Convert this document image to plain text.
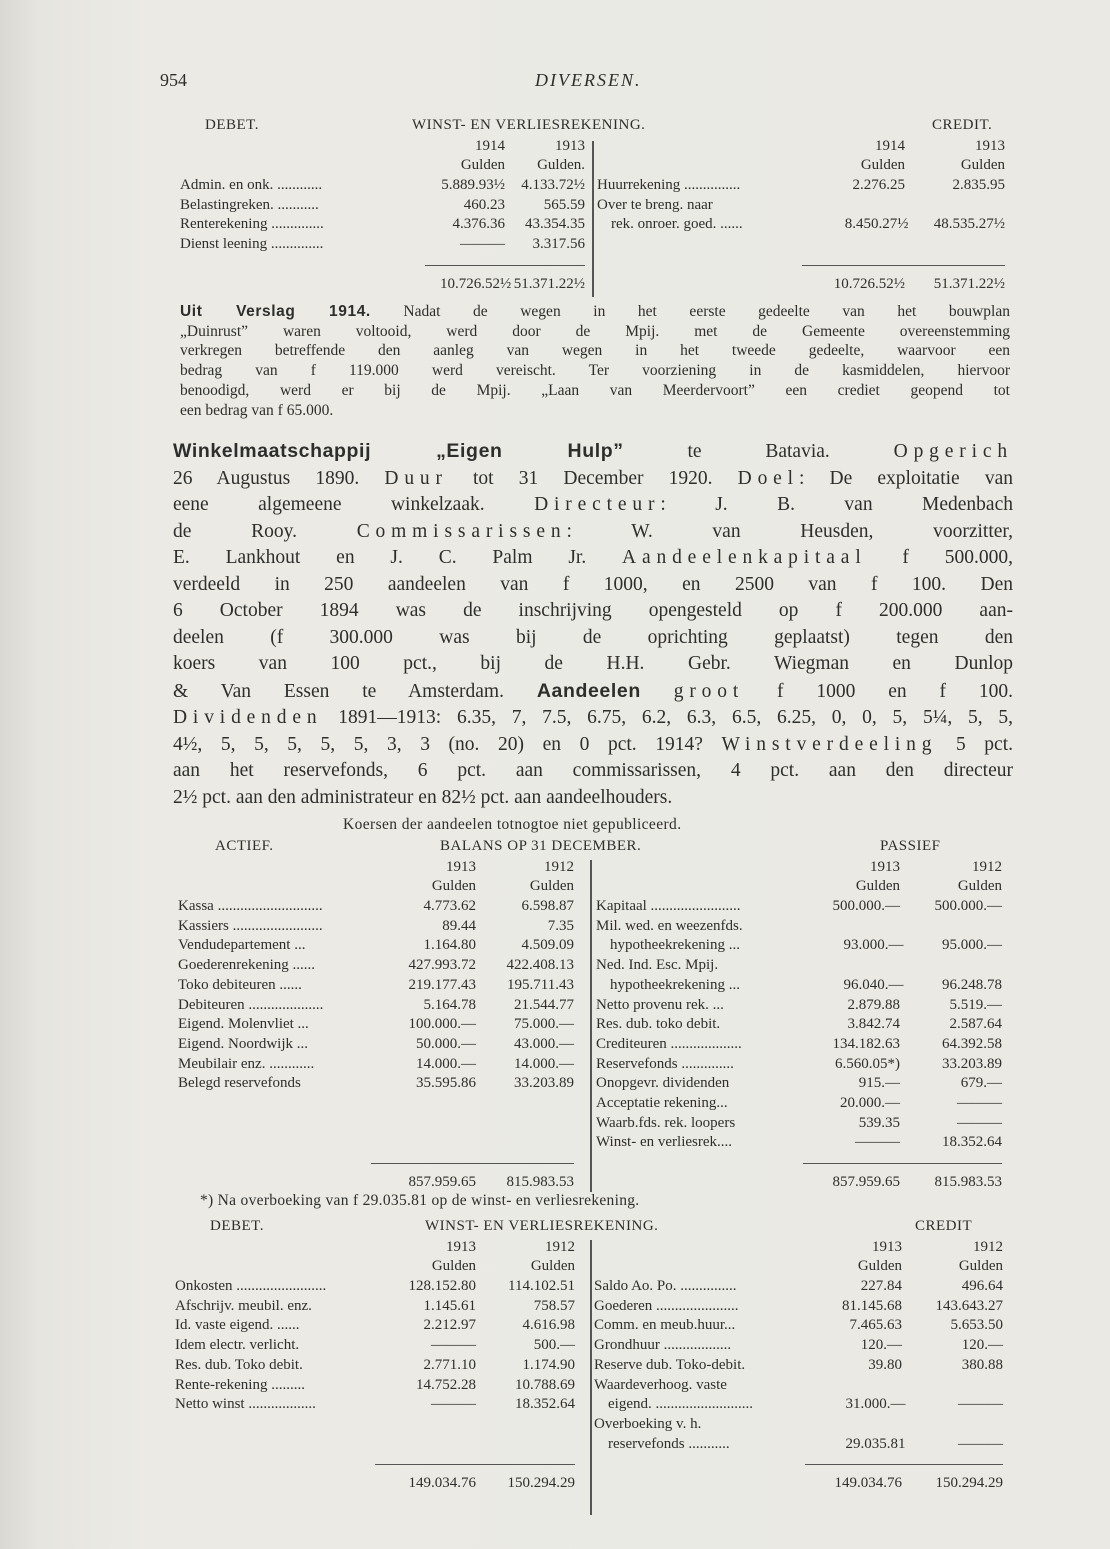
954	DIVERSEN.
DEBET.	WINST- EN VERLIESREKENING.	CREDIT.
1914	1913
Gulden	Gulden.
Admin. en onk. ............	5.889.93½	4.133.72½
Belastingreken. ...........	460.23	565.59
Renterekening ..............	4.376.36	43.354.35
Dienst leening ..............	———	3.317.56
10.726.52½ 51.371.22½
1914	1913
Gulden	Gulden
Huurrekening ...............	2.276.25	2.835.95
Over te breng. naar
rek. onroer. goed. ......	8.450.27½	48.535.27½
10.726.52½	51.371.22½
Uit Verslag 1914. Nadat de wegen in het eerste gedeelte van het bouwplan
„Duinrust” waren voltooid, werd door de Mpij. met de Gemeente overeenstemming
verkregen betreffende den aanleg van wegen in het tweede gedeelte, waarvoor een
bedrag van f 119.000 werd vereischt. Ter voorziening in de kasmiddelen, hiervoor
benoodigd, werd er bij de Mpij. „Laan van Meerdervoort” een crediet geopend tot
een bedrag van f 65.000.
Winkelmaatschappij „Eigen Hulp” te Batavia. Opgerich
26 Augustus 1890. Duur tot 31 December 1920. Doel: De exploitatie van
eene algemeene winkelzaak. Directeur: J. B. van Medenbach
de Rooy. Commissarissen: W. van Heusden, voorzitter,
E. Lankhout en J. C. Palm Jr. Aandeelenkapitaal f 500.000,
verdeeld in 250 aandeelen van f 1000, en 2500 van f 100. Den
6 October 1894 was de inschrijving opengesteld op f 200.000 aan-
deelen (f 300.000 was bij de oprichting geplaatst) tegen den
koers van 100 pct., bij de H.H. Gebr. Wiegman en Dunlop
& Van Essen te Amsterdam. Aandeelen groot f 1000 en f 100.
Dividenden 1891—1913: 6.35, 7, 7.5, 6.75, 6.2, 6.3, 6.5, 6.25, 0, 0, 5, 5¼, 5, 5,
4½, 5, 5, 5, 5, 5, 3, 3 (no. 20) en 0 pct. 1914? Winstverdeeling 5 pct.
aan het reservefonds, 6 pct. aan commissarissen, 4 pct. aan den directeur
2½ pct. aan den administrateur en 82½ pct. aan aandeelhouders.
Koersen der aandeelen totnogtoe niet gepubliceerd.
ACTIEF.	BALANS OP 31 DECEMBER.	PASSIEF
1913	1912
Gulden	Gulden
Kassa ............................	4.773.62	6.598.87
Kassiers ........................	89.44	7.35
Vendudepartement ...	1.164.80	4.509.09
Goederenrekening ......	427.993.72	422.408.13
Toko debiteuren ......	219.177.43	195.711.43
Debiteuren ....................	5.164.78	21.544.77
Eigend. Molenvliet ...	100.000.—	75.000.—
Eigend. Noordwijk ...	50.000.—	43.000.—
Meubilair enz. ............	14.000.—	14.000.—
Belegd reservefonds	35.595.86	33.203.89
857.959.65	815.983.53
1913	1912
Gulden	Gulden
Kapitaal ........................	500.000.—	500.000.—
Mil. wed. en weezenfds.
hypotheekrekening ...	93.000.—	95.000.—
Ned. Ind. Esc. Mpij.
hypotheekrekening ...	96.040.—	96.248.78
Netto provenu rek. ...	2.879.88	5.519.—
Res. dub. toko debit.	3.842.74	2.587.64
Crediteuren ...................	134.182.63	64.392.58
Reservefonds ..............	6.560.05*)	33.203.89
Onopgevr. dividenden	915.—	679.—
Acceptatie rekening...	20.000.—	———
Waarb.fds. rek. loopers	539.35	———
Winst- en verliesrek....	———	18.352.64
857.959.65	815.983.53
*) Na overboeking van f 29.035.81 op de winst- en verliesrekening.
DEBET.	WINST- EN VERLIESREKENING.	CREDIT
1913	1912
Gulden	Gulden
Onkosten ........................	128.152.80	114.102.51
Afschrijv. meubil. enz.	1.145.61	758.57
Id. vaste eigend. ......	2.212.97	4.616.98
Idem electr. verlicht.	———	500.—
Res. dub. Toko debit.	2.771.10	1.174.90
Rente-rekening .........	14.752.28	10.788.69
Netto winst ..................	———	18.352.64
149.034.76	150.294.29
1913	1912
Gulden	Gulden
Saldo Ao. Po. ...............	227.84	496.64
Goederen ......................	81.145.68	143.643.27
Comm. en meub.huur...	7.465.63	5.653.50
Grondhuur ..................	120.—	120.—
Reserve dub. Toko-debit.	39.80	380.88
Waardeverhoog. vaste
eigend. ..........................	31.000.—	———
Overboeking v. h.
reservefonds ...........	29.035.81	———
149.034.76	150.294.29
